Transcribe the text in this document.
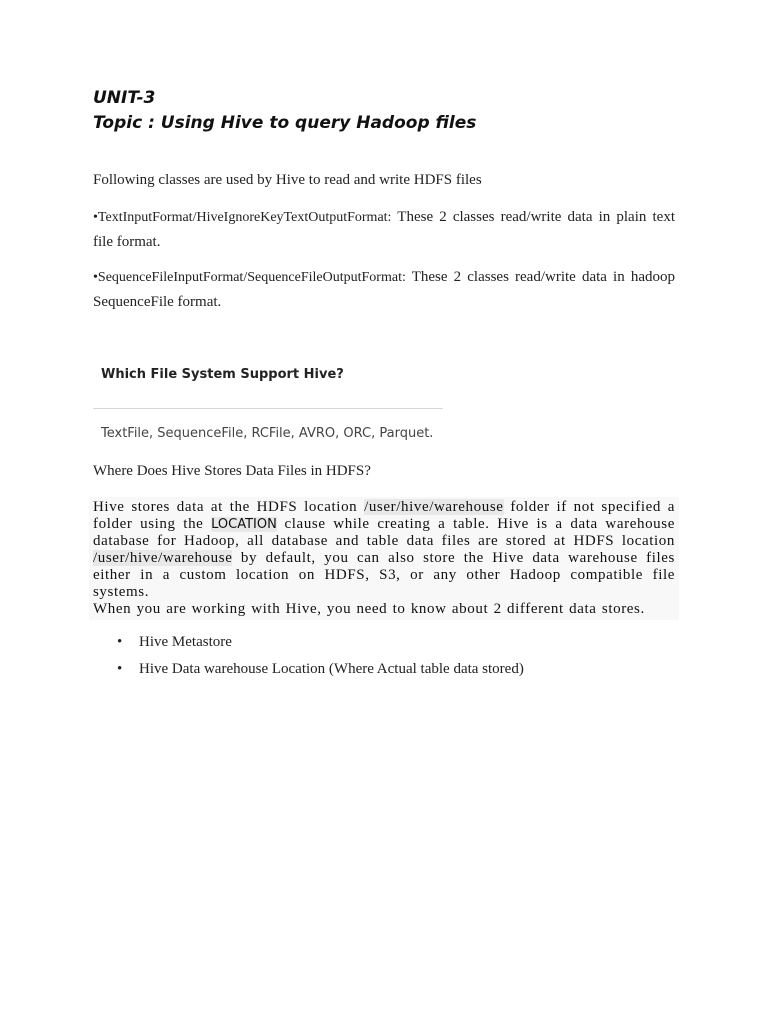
UNIT-3
Topic : Using Hive to query Hadoop files

Following classes are used by Hive to read and write HDFS files

•TextInputFormat/HiveIgnoreKeyTextOutputFormat: These 2 classes read/write data in plain text file format.

•SequenceFileInputFormat/SequenceFileOutputFormat: These 2 classes read/write data in hadoop SequenceFile format.

Which File System Support Hive?

TextFile, SequenceFile, RCFile, AVRO, ORC, Parquet.

Where Does Hive Stores Data Files in HDFS?

Hive stores data at the HDFS location /user/hive/warehouse folder if not specified a folder using the LOCATION clause while creating a table. Hive is a data warehouse database for Hadoop, all database and table data files are stored at HDFS location /user/hive/warehouse by default, you can also store the Hive data warehouse files either in a custom location on HDFS, S3, or any other Hadoop compatible file systems.

When you are working with Hive, you need to know about 2 different data stores.

• Hive Metastore
• Hive Data warehouse Location (Where Actual table data stored)
